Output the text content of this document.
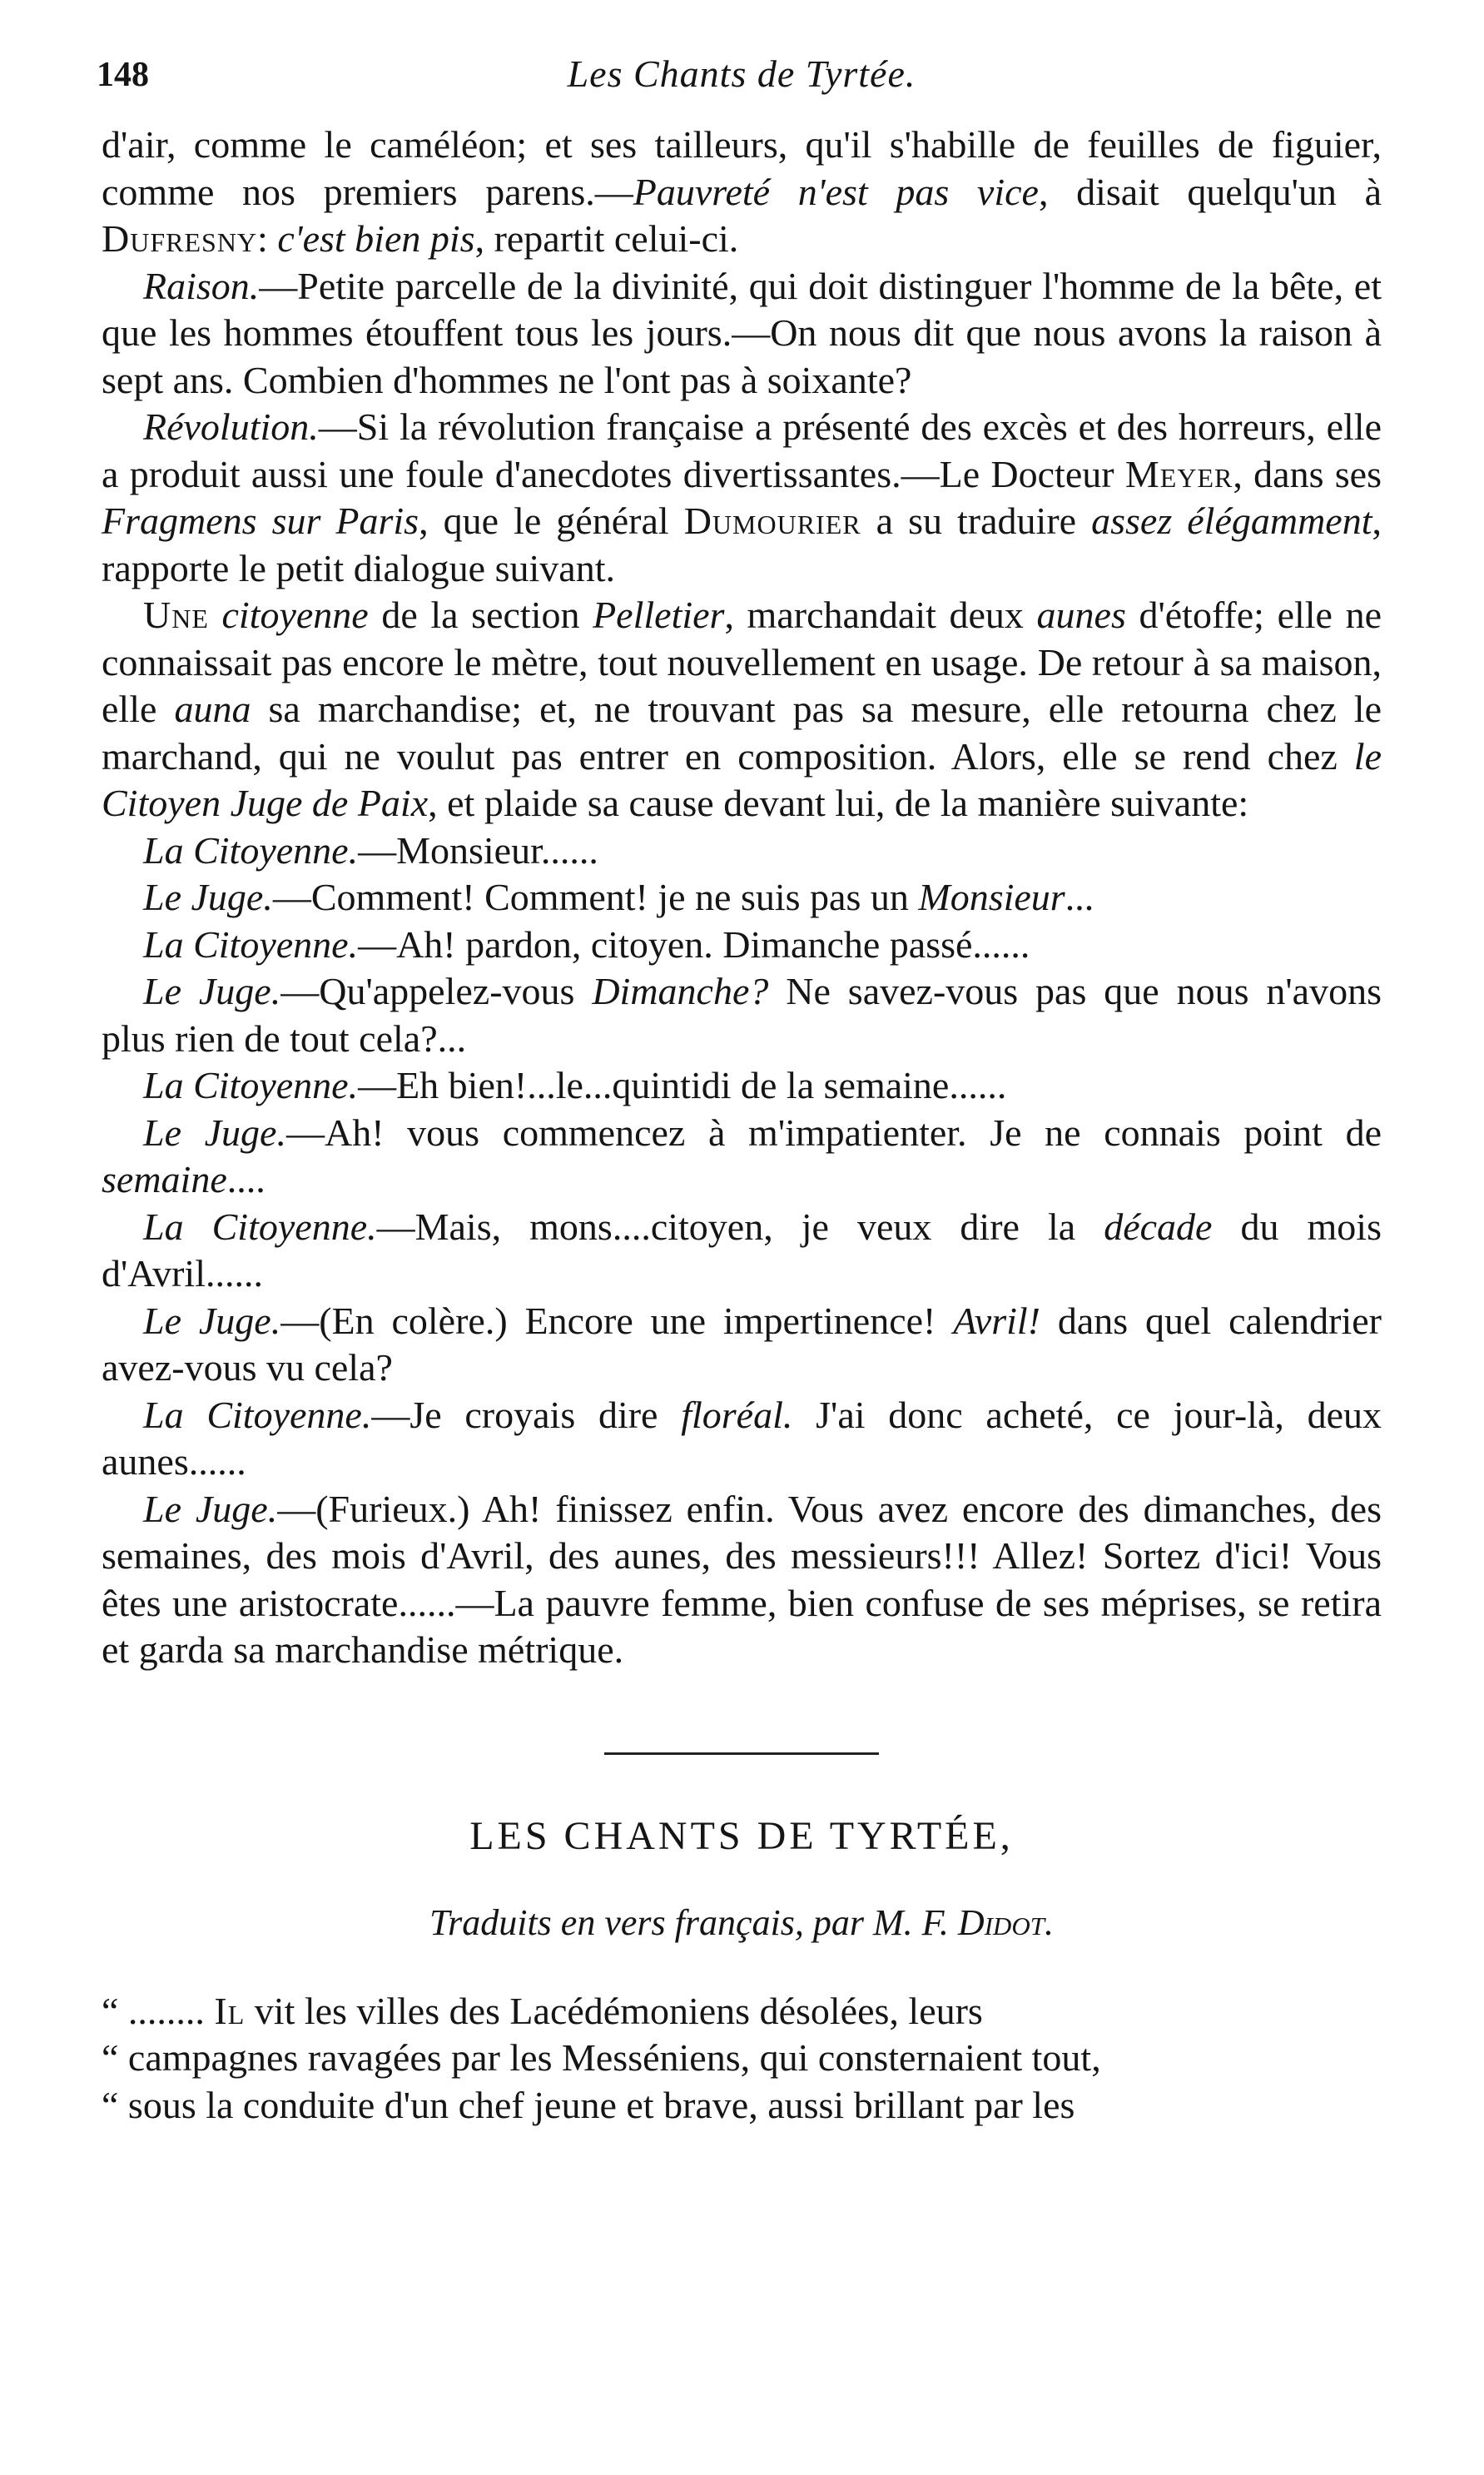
148	Les Chants de Tyrtée.

d'air, comme le caméléon; et ses tailleurs, qu'il s'habille de feuilles de figuier, comme nos premiers parens.—Pauvreté n'est pas vice, disait quelqu'un à Dufresny: c'est bien pis, repartit celui-ci.

Raison.—Petite parcelle de la divinité, qui doit distinguer l'homme de la bête, et que les hommes étouffent tous les jours.—On nous dit que nous avons la raison à sept ans. Combien d'hommes ne l'ont pas à soixante?

Révolution.—Si la révolution française a présenté des excès et des horreurs, elle a produit aussi une foule d'anecdotes divertissantes.—Le Docteur Meyer, dans ses Fragmens sur Paris, que le général Dumourier a su traduire assez élégamment, rapporte le petit dialogue suivant.

Une citoyenne de la section Pelletier, marchandait deux aunes d'étoffe; elle ne connaissait pas encore le mètre, tout nouvellement en usage. De retour à sa maison, elle auna sa marchandise; et, ne trouvant pas sa mesure, elle retourna chez le marchand, qui ne voulut pas entrer en composition. Alors, elle se rend chez le Citoyen Juge de Paix, et plaide sa cause devant lui, de la manière suivante:

La Citoyenne.—Monsieur......

Le Juge.—Comment! Comment! je ne suis pas un Monsieur...

La Citoyenne.—Ah! pardon, citoyen. Dimanche passé......

Le Juge.—Qu'appelez-vous Dimanche? Ne savez-vous pas que nous n'avons plus rien de tout cela?...

La Citoyenne.—Eh bien!...le...quintidi de la semaine......

Le Juge.—Ah! vous commencez à m'impatienter. Je ne connais point de semaine....

La Citoyenne.—Mais, mons....citoyen, je veux dire la décade du mois d'Avril......

Le Juge.—(En colère.) Encore une impertinence! Avril! dans quel calendrier avez-vous vu cela?

La Citoyenne.—Je croyais dire floréal. J'ai donc acheté, ce jour-là, deux aunes......

Le Juge.—(Furieux.) Ah! finissez enfin. Vous avez encore des dimanches, des semaines, des mois d'Avril, des aunes, des messieurs!!! Allez! Sortez d'ici! Vous êtes une aristocrate......—La pauvre femme, bien confuse de ses méprises, se retira et garda sa marchandise métrique.

LES CHANTS DE TYRTÉE,
Traduits en vers français, par M. F. Didot.

“ ........ Il vit les villes des Lacédémoniens désolées, leurs

“ campagnes ravagées par les Messéniens, qui consternaient tout,

“ sous la conduite d'un chef jeune et brave, aussi brillant par les
